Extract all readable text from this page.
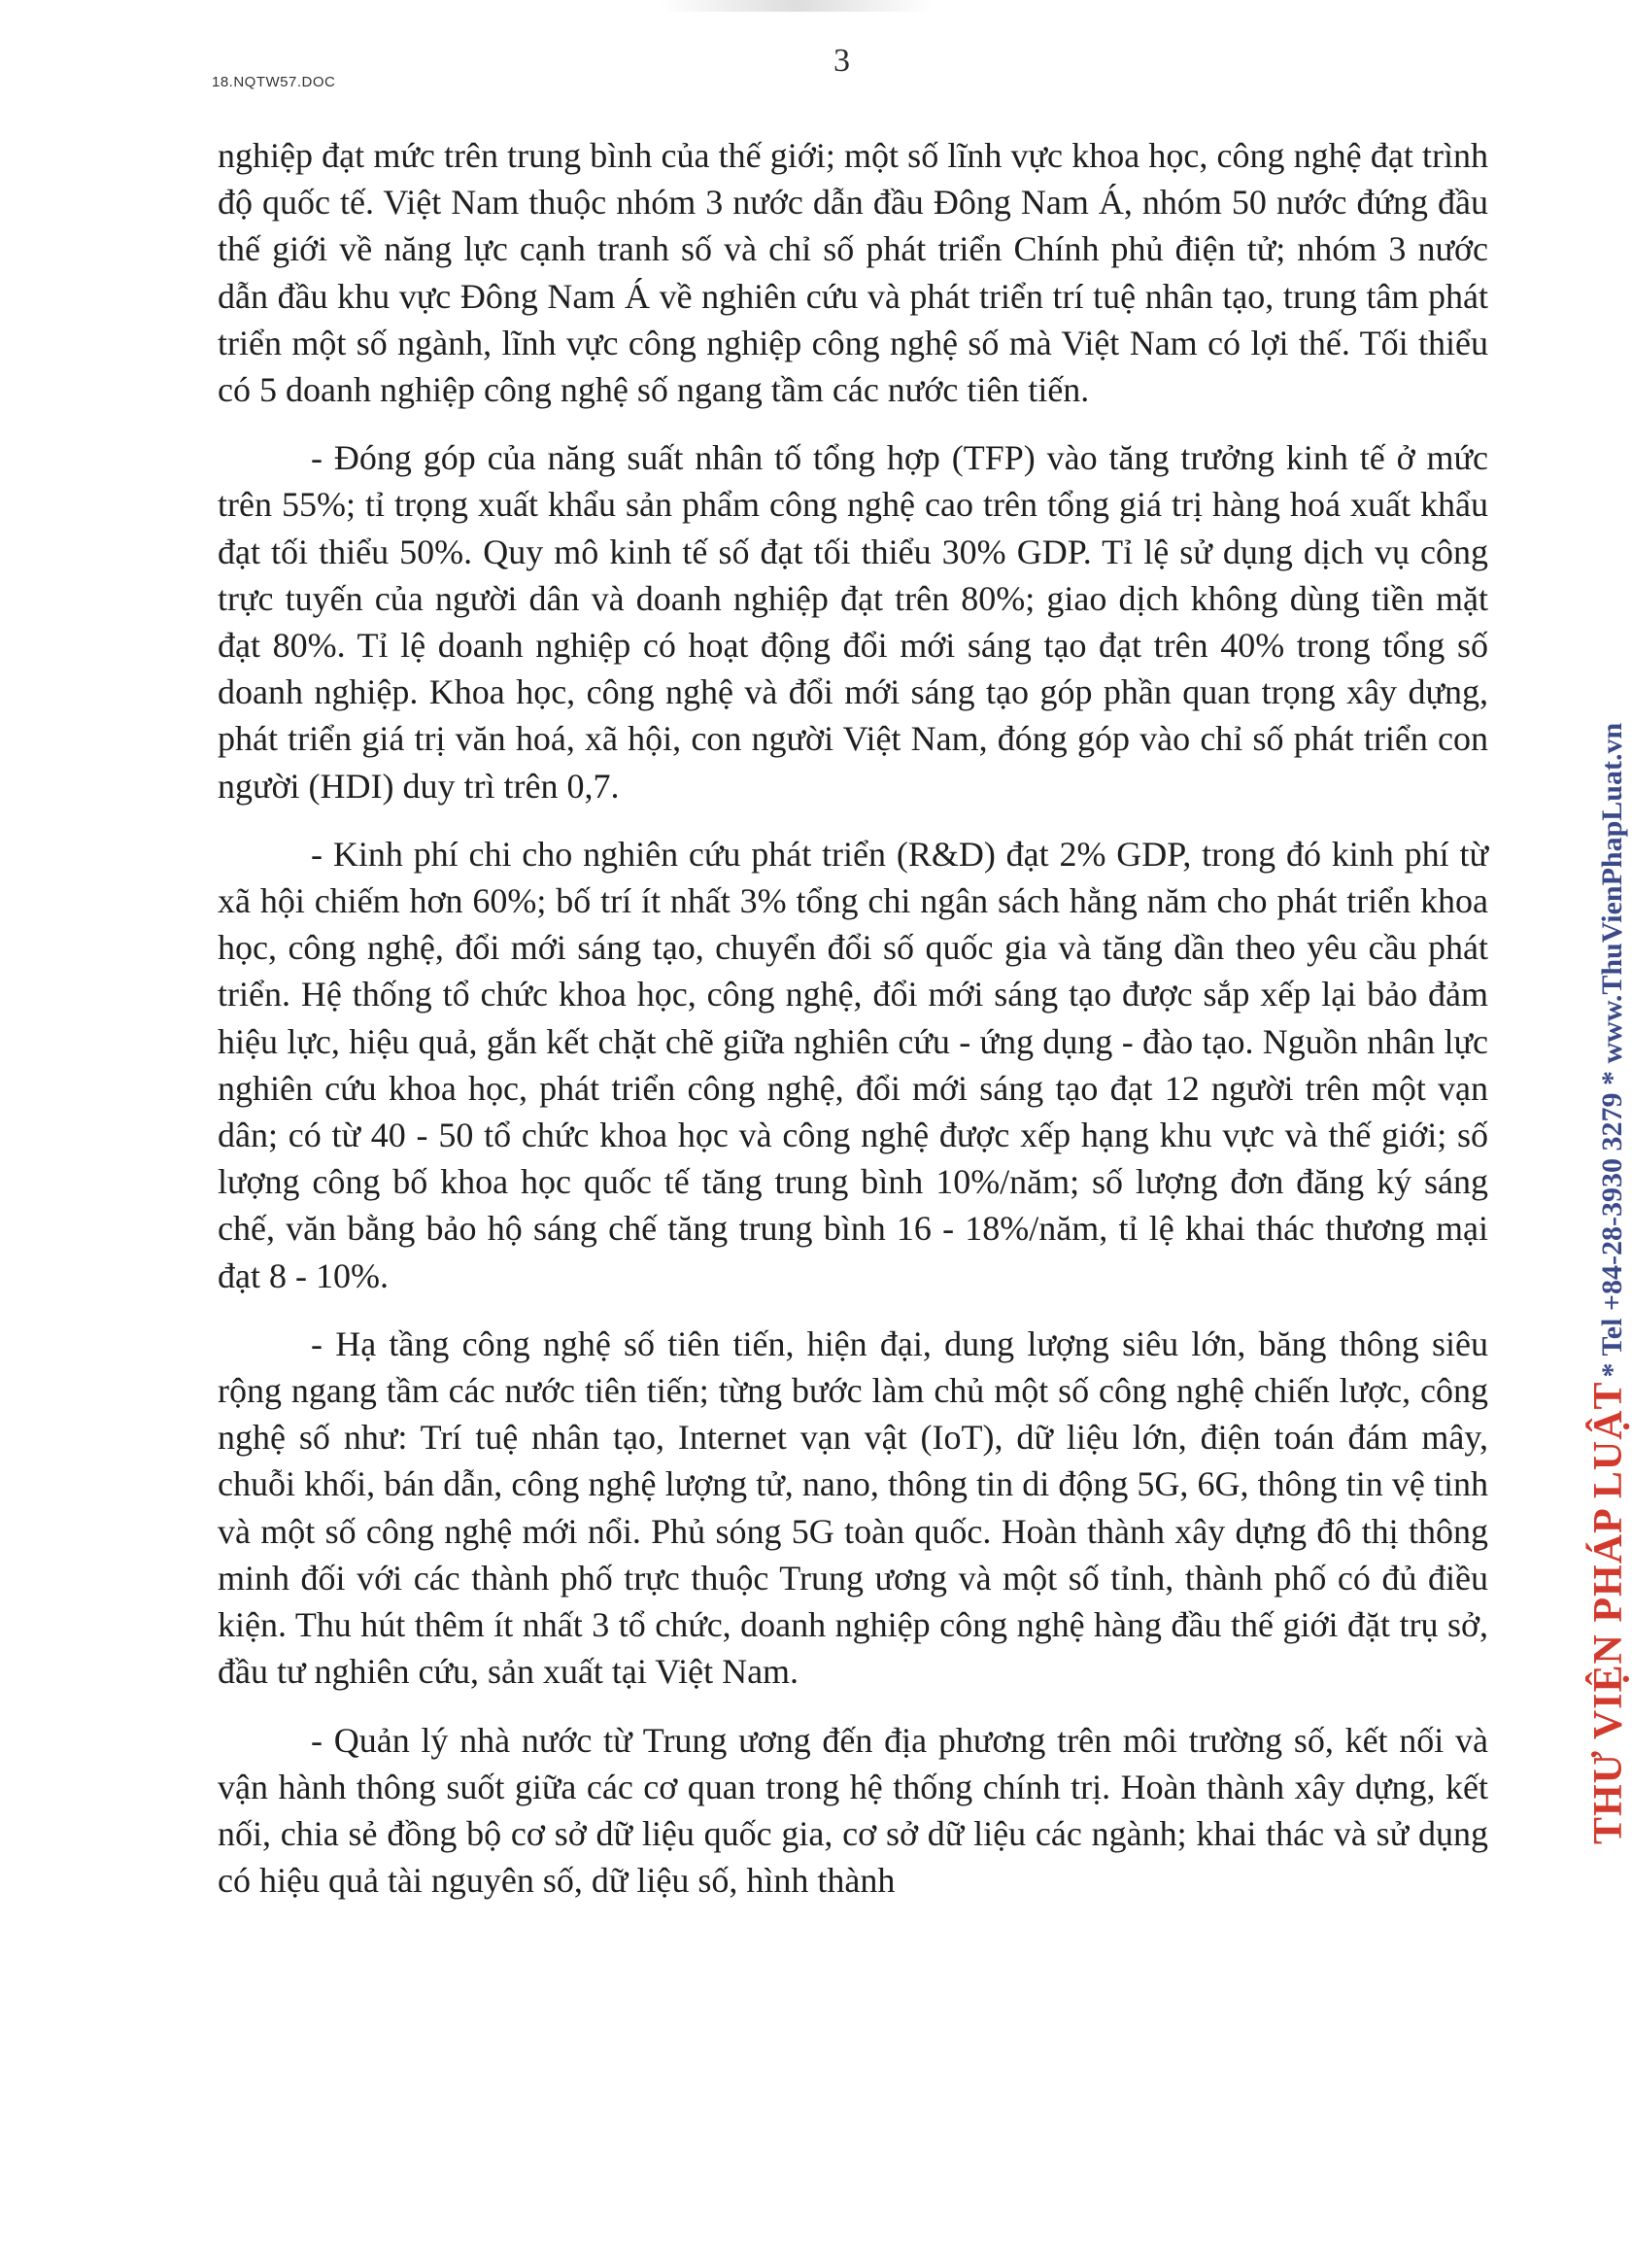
18.NQTW57.DOC
3

nghiệp đạt mức trên trung bình của thế giới; một số lĩnh vực khoa học, công nghệ đạt trình độ quốc tế. Việt Nam thuộc nhóm 3 nước dẫn đầu Đông Nam Á, nhóm 50 nước đứng đầu thế giới về năng lực cạnh tranh số và chỉ số phát triển Chính phủ điện tử; nhóm 3 nước dẫn đầu khu vực Đông Nam Á về nghiên cứu và phát triển trí tuệ nhân tạo, trung tâm phát triển một số ngành, lĩnh vực công nghiệp công nghệ số mà Việt Nam có lợi thế. Tối thiểu có 5 doanh nghiệp công nghệ số ngang tầm các nước tiên tiến.

- Đóng góp của năng suất nhân tố tổng hợp (TFP) vào tăng trưởng kinh tế ở mức trên 55%; tỉ trọng xuất khẩu sản phẩm công nghệ cao trên tổng giá trị hàng hoá xuất khẩu đạt tối thiểu 50%. Quy mô kinh tế số đạt tối thiểu 30% GDP. Tỉ lệ sử dụng dịch vụ công trực tuyến của người dân và doanh nghiệp đạt trên 80%; giao dịch không dùng tiền mặt đạt 80%. Tỉ lệ doanh nghiệp có hoạt động đổi mới sáng tạo đạt trên 40% trong tổng số doanh nghiệp. Khoa học, công nghệ và đổi mới sáng tạo góp phần quan trọng xây dựng, phát triển giá trị văn hoá, xã hội, con người Việt Nam, đóng góp vào chỉ số phát triển con người (HDI) duy trì trên 0,7.

- Kinh phí chi cho nghiên cứu phát triển (R&D) đạt 2% GDP, trong đó kinh phí từ xã hội chiếm hơn 60%; bố trí ít nhất 3% tổng chi ngân sách hằng năm cho phát triển khoa học, công nghệ, đổi mới sáng tạo, chuyển đổi số quốc gia và tăng dần theo yêu cầu phát triển. Hệ thống tổ chức khoa học, công nghệ, đổi mới sáng tạo được sắp xếp lại bảo đảm hiệu lực, hiệu quả, gắn kết chặt chẽ giữa nghiên cứu - ứng dụng - đào tạo. Nguồn nhân lực nghiên cứu khoa học, phát triển công nghệ, đổi mới sáng tạo đạt 12 người trên một vạn dân; có từ 40 - 50 tổ chức khoa học và công nghệ được xếp hạng khu vực và thế giới; số lượng công bố khoa học quốc tế tăng trung bình 10%/năm; số lượng đơn đăng ký sáng chế, văn bằng bảo hộ sáng chế tăng trung bình 16 - 18%/năm, tỉ lệ khai thác thương mại đạt 8 - 10%.

- Hạ tầng công nghệ số tiên tiến, hiện đại, dung lượng siêu lớn, băng thông siêu rộng ngang tầm các nước tiên tiến; từng bước làm chủ một số công nghệ chiến lược, công nghệ số như: Trí tuệ nhân tạo, Internet vạn vật (IoT), dữ liệu lớn, điện toán đám mây, chuỗi khối, bán dẫn, công nghệ lượng tử, nano, thông tin di động 5G, 6G, thông tin vệ tinh và một số công nghệ mới nổi. Phủ sóng 5G toàn quốc. Hoàn thành xây dựng đô thị thông minh đối với các thành phố trực thuộc Trung ương và một số tỉnh, thành phố có đủ điều kiện. Thu hút thêm ít nhất 3 tổ chức, doanh nghiệp công nghệ hàng đầu thế giới đặt trụ sở, đầu tư nghiên cứu, sản xuất tại Việt Nam.

- Quản lý nhà nước từ Trung ương đến địa phương trên môi trường số, kết nối và vận hành thông suốt giữa các cơ quan trong hệ thống chính trị. Hoàn thành xây dựng, kết nối, chia sẻ đồng bộ cơ sở dữ liệu quốc gia, cơ sở dữ liệu các ngành; khai thác và sử dụng có hiệu quả tài nguyên số, dữ liệu số, hình thành

THƯ VIỆN PHÁP LUẬT * Tel +84-28-3930 3279 * www.ThuVienPhapLuat.vn
